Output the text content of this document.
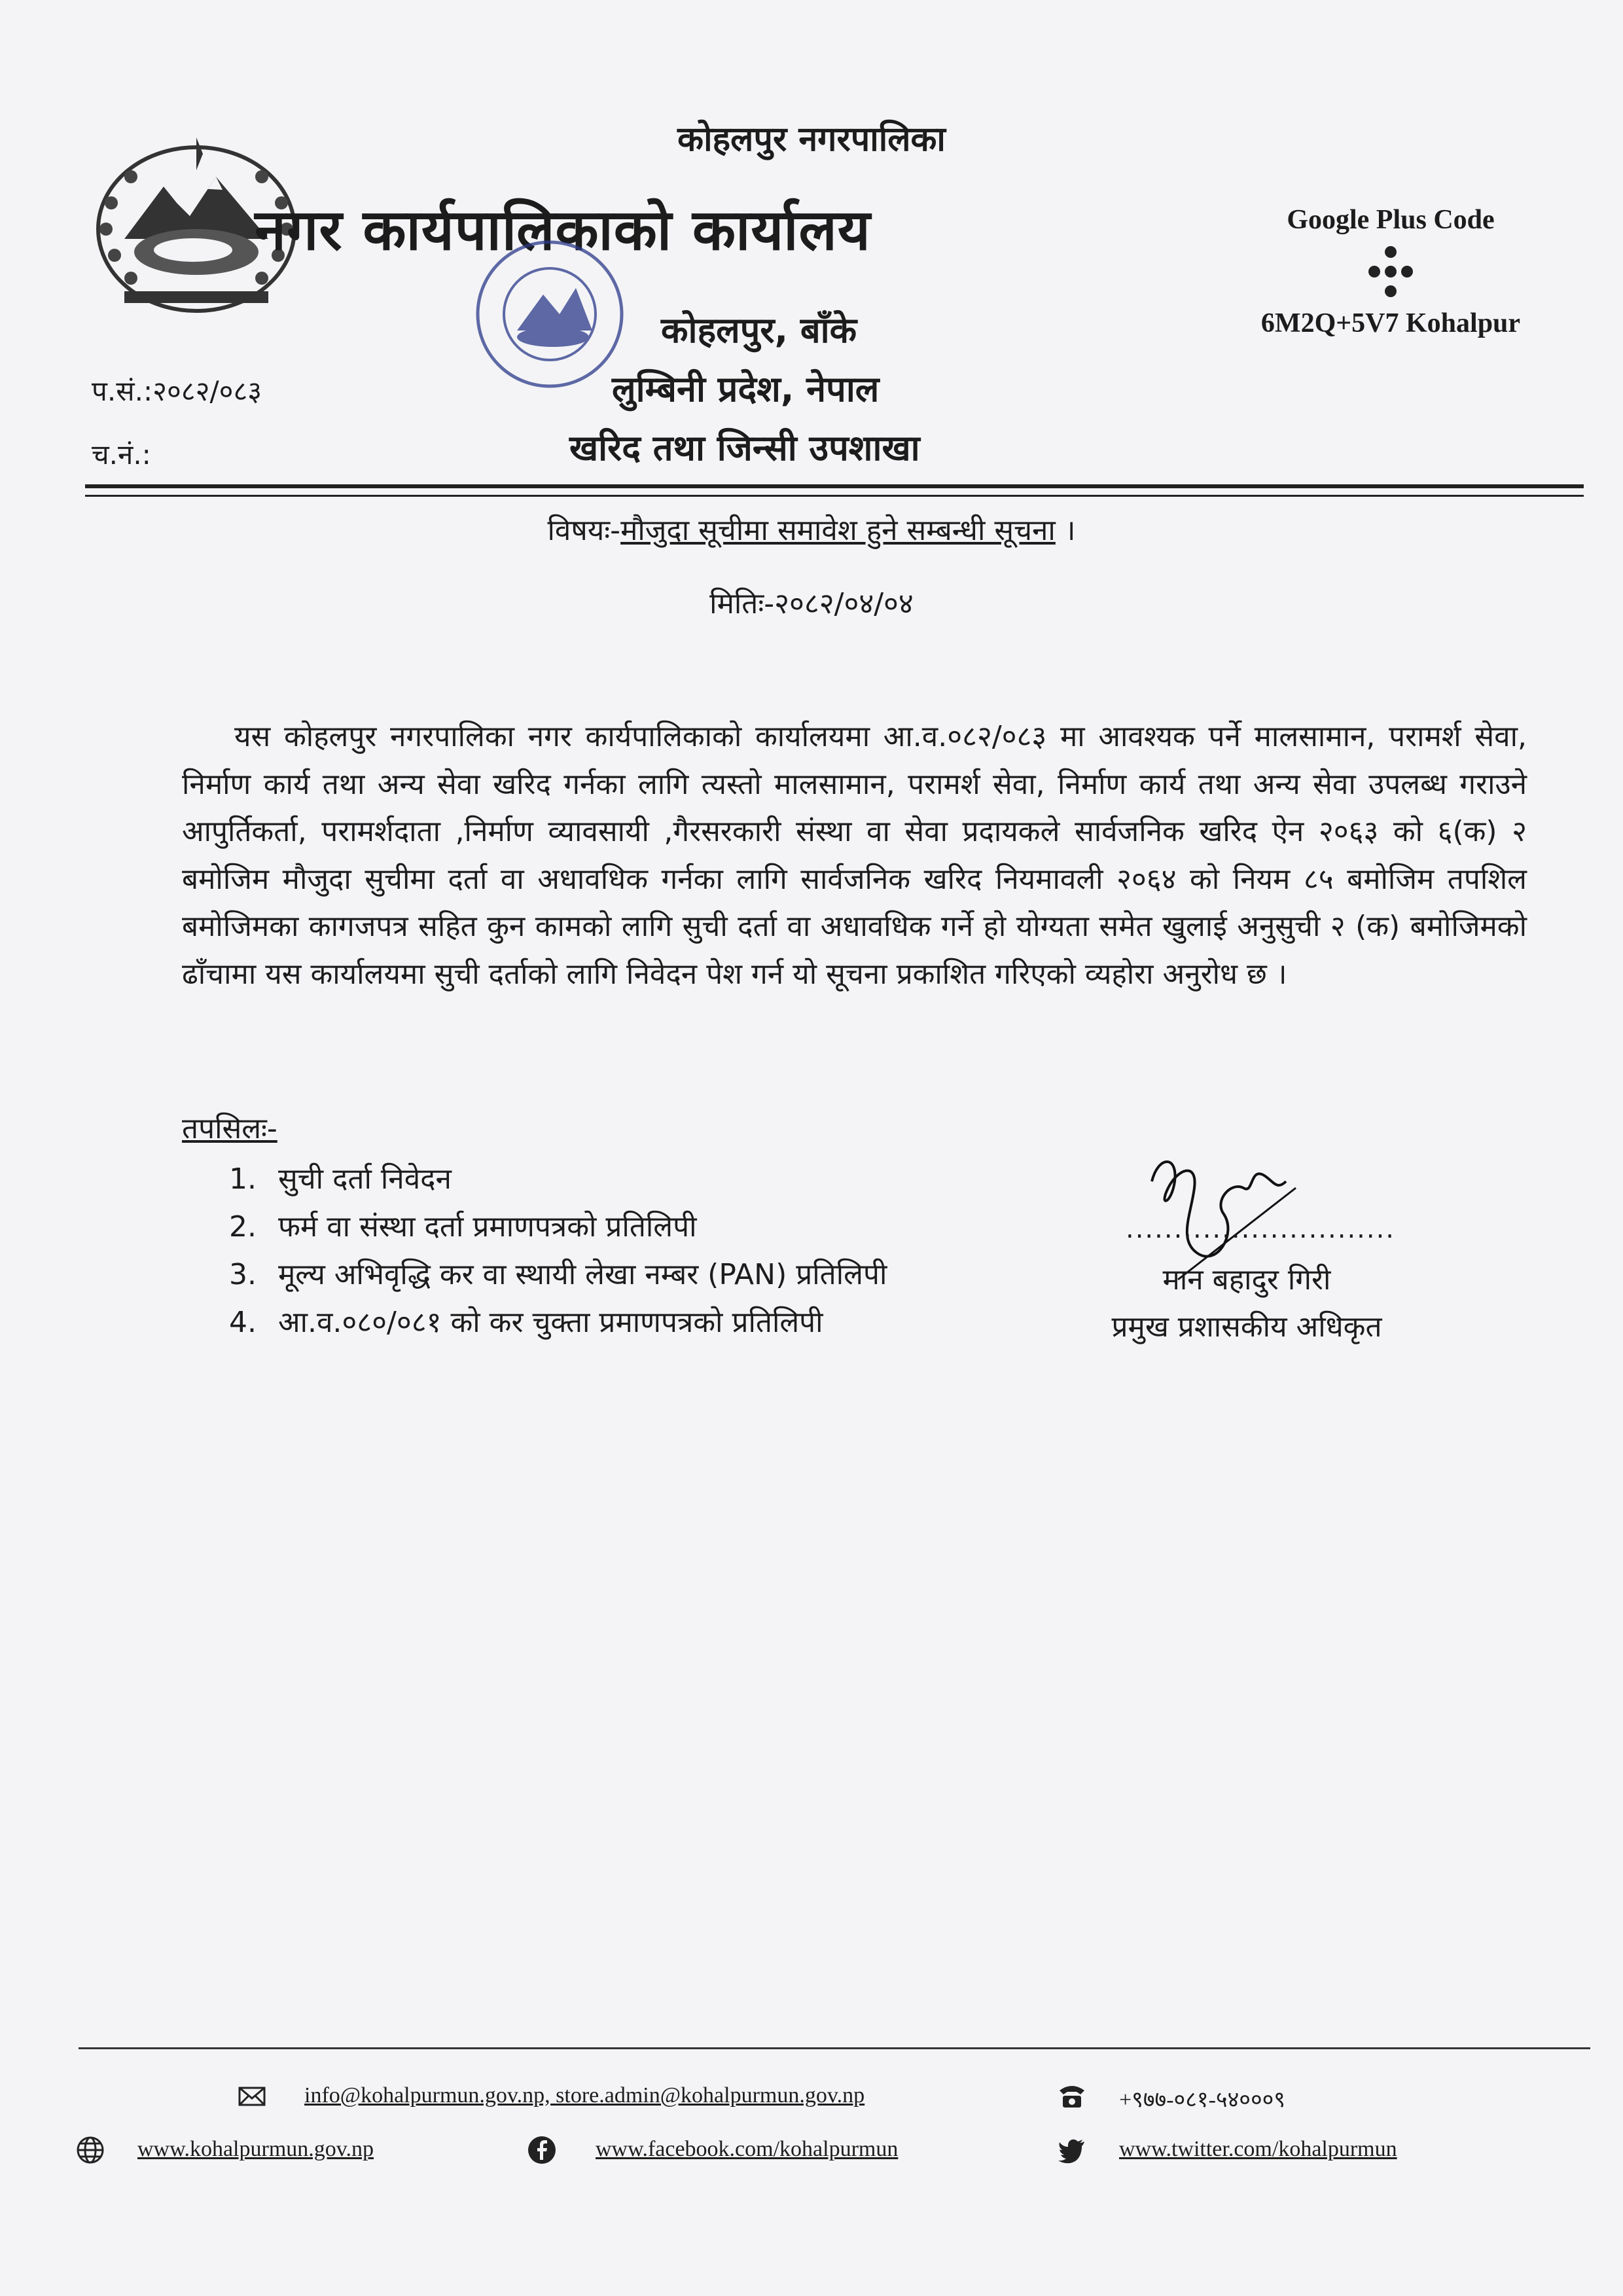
कोहलपुर नगरपालिका
नगर कार्यपालिकाको कार्यालय
कोहलपुर, बाँके
लुम्बिनी प्रदेश, नेपाल
खरिद तथा जिन्सी उपशाखा
Google Plus Code
6M2Q+5V7 Kohalpur
प.सं.:२०८२/०८३
च.नं.:
विषयः-मौजुदा सूचीमा समावेश हुने सम्बन्धी सूचना ।
मितिः-२०८२/०४/०४
यस कोहलपुर नगरपालिका नगर कार्यपालिकाको कार्यालयमा आ.व.०८२/०८३ मा आवश्यक पर्ने मालसामान, परामर्श सेवा, निर्माण कार्य तथा अन्य सेवा खरिद गर्नका लागि त्यस्तो मालसामान, परामर्श सेवा, निर्माण कार्य तथा अन्य सेवा उपलब्ध गराउने आपुर्तिकर्ता, परामर्शदाता ,निर्माण व्यावसायी ,गैरसरकारी संस्था वा सेवा प्रदायकले सार्वजनिक खरिद ऐन २०६३ को ६(क) २ बमोजिम मौजुदा सुचीमा दर्ता वा अधावधिक गर्नका लागि सार्वजनिक खरिद नियमावली २०६४ को नियम ८५ बमोजिम तपशिल बमोजिमका कागजपत्र सहित कुन कामको लागि सुची दर्ता वा अधावधिक गर्ने हो योग्यता समेत खुलाई अनुसुची २ (क) बमोजिमको ढाँचामा यस कार्यालयमा सुची दर्ताको लागि निवेदन पेश गर्न यो सूचना प्रकाशित गरिएको व्यहोरा अनुरोध छ ।
तपसिलः-
1. सुची दर्ता निवेदन
2. फर्म वा संस्था दर्ता प्रमाणपत्रको प्रतिलिपी
3. मूल्य अभिवृद्धि कर वा स्थायी लेखा नम्बर (PAN) प्रतिलिपी
4. आ.व.०८०/०८१ को कर चुक्ता प्रमाणपत्रको प्रतिलिपी
............................
मान बहादुर गिरी
प्रमुख प्रशासकीय अधिकृत
info@kohalpurmun.gov.np, store.admin@kohalpurmun.gov.np	+९७७-०८१-५४०००९
www.kohalpurmun.gov.np	www.facebook.com/kohalpurmun	www.twitter.com/kohalpurmun
